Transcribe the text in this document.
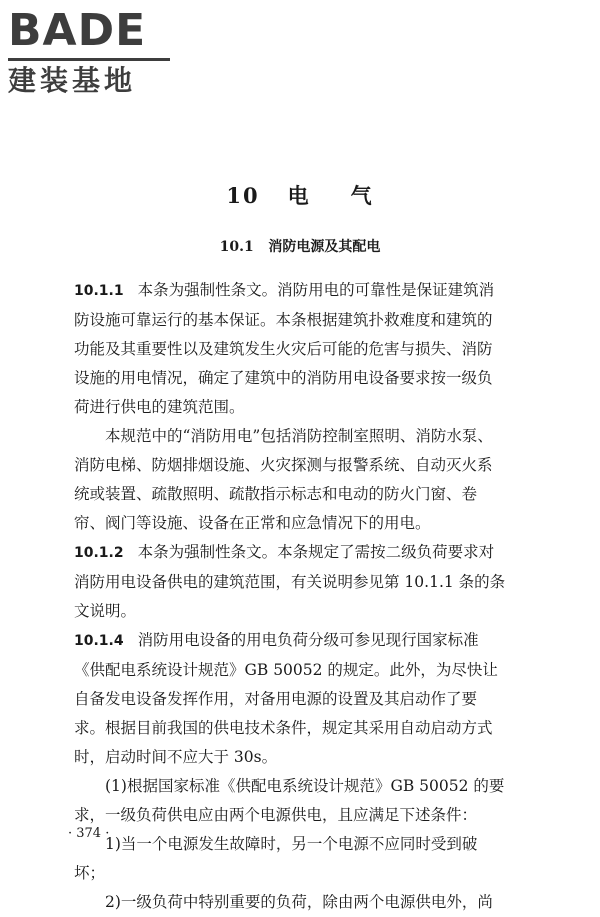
BADE
建装基地
10 电 气
10.1 消防电源及其配电

10.1.1 本条为强制性条文。消防用电的可靠性是保证建筑消防设施可靠运行的基本保证。本条根据建筑扑救难度和建筑的功能及其重要性以及建筑发生火灾后可能的危害与损失、消防设施的用电情况，确定了建筑中的消防用电设备要求按一级负荷进行供电的建筑范围。

本规范中的“消防用电”包括消防控制室照明、消防水泵、消防电梯、防烟排烟设施、火灾探测与报警系统、自动灭火系统或装置、疏散照明、疏散指示标志和电动的防火门窗、卷帘、阀门等设施、设备在正常和应急情况下的用电。

10.1.2 本条为强制性条文。本条规定了需按二级负荷要求对消防用电设备供电的建筑范围，有关说明参见第 10.1.1 条的条文说明。

10.1.4 消防用电设备的用电负荷分级可参见现行国家标准《供配电系统设计规范》GB 50052 的规定。此外，为尽快让自备发电设备发挥作用，对备用电源的设置及其启动作了要求。根据目前我国的供电技术条件，规定其采用自动启动方式时，启动时间不应大于 30s。

(1)根据国家标准《供配电系统设计规范》GB 50052 的要求，一级负荷供电应由两个电源供电，且应满足下述条件：

1)当一个电源发生故障时，另一个电源不应同时受到破坏；

2)一级负荷中特别重要的负荷，除由两个电源供电外，尚

· 374 ·
